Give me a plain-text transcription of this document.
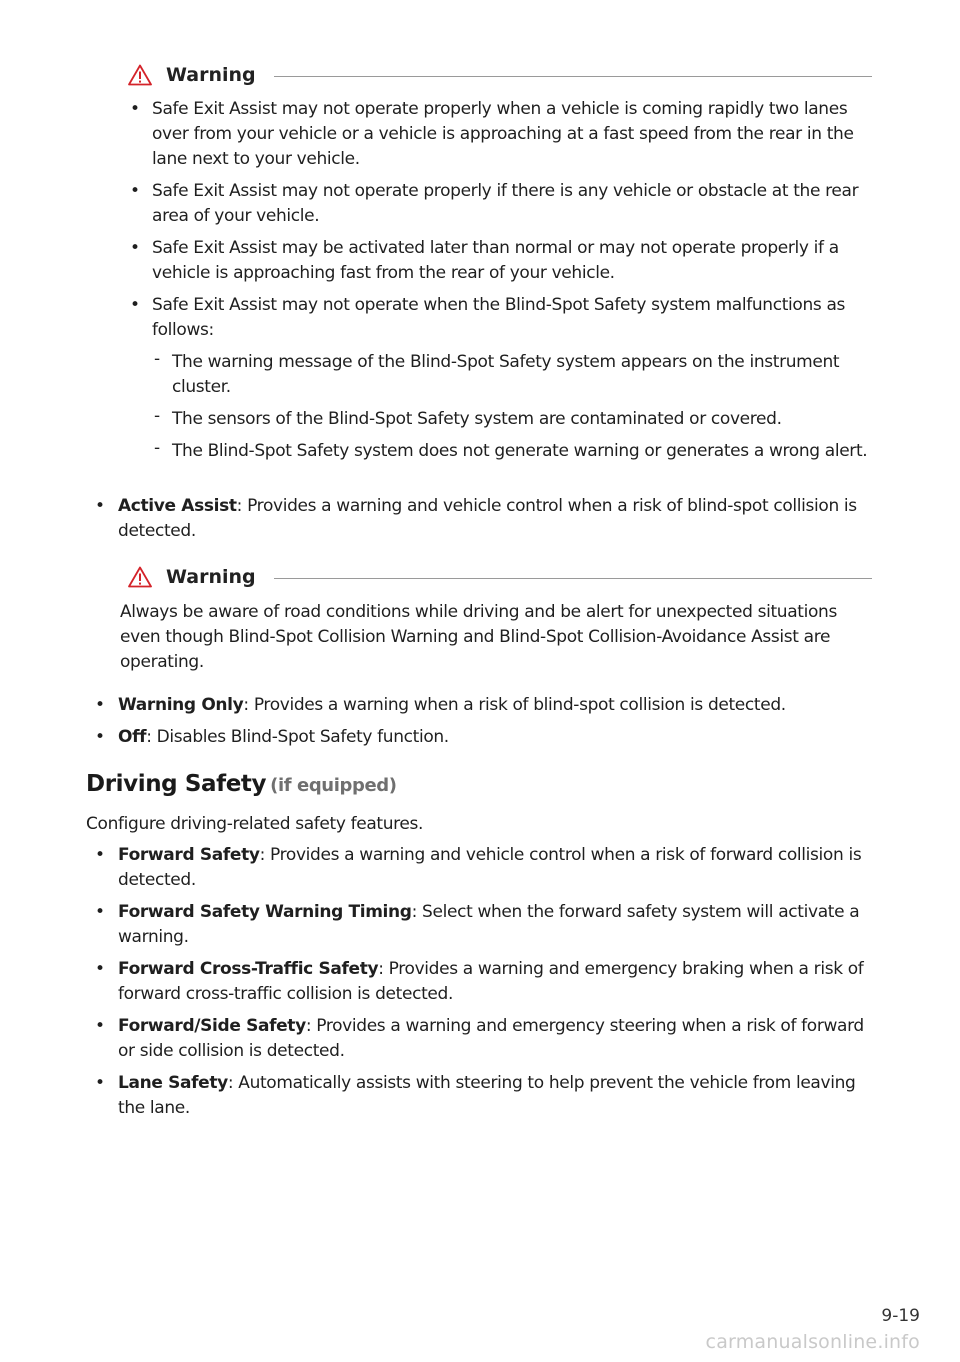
Warning
• Safe Exit Assist may not operate properly when a vehicle is coming rapidly two lanes over from your vehicle or a vehicle is approaching at a fast speed from the rear in the lane next to your vehicle.
• Safe Exit Assist may not operate properly if there is any vehicle or obstacle at the rear area of your vehicle.
• Safe Exit Assist may be activated later than normal or may not operate properly if a vehicle is approaching fast from the rear of your vehicle.
• Safe Exit Assist may not operate when the Blind-Spot Safety system malfunctions as follows:
- The warning message of the Blind-Spot Safety system appears on the instrument cluster.
- The sensors of the Blind-Spot Safety system are contaminated or covered.
- The Blind-Spot Safety system does not generate warning or generates a wrong alert.
• Active Assist: Provides a warning and vehicle control when a risk of blind-spot collision is detected.
Warning
Always be aware of road conditions while driving and be alert for unexpected situations even though Blind-Spot Collision Warning and Blind-Spot Collision-Avoidance Assist are operating.
• Warning Only: Provides a warning when a risk of blind-spot collision is detected.
• Off: Disables Blind-Spot Safety function.
Driving Safety (if equipped)
Configure driving-related safety features.
• Forward Safety: Provides a warning and vehicle control when a risk of forward collision is detected.
• Forward Safety Warning Timing: Select when the forward safety system will activate a warning.
• Forward Cross-Traffic Safety: Provides a warning and emergency braking when a risk of forward cross-traffic collision is detected.
• Forward/Side Safety: Provides a warning and emergency steering when a risk of forward or side collision is detected.
• Lane Safety: Automatically assists with steering to help prevent the vehicle from leaving the lane.
9-19
carmanualsonline.info
